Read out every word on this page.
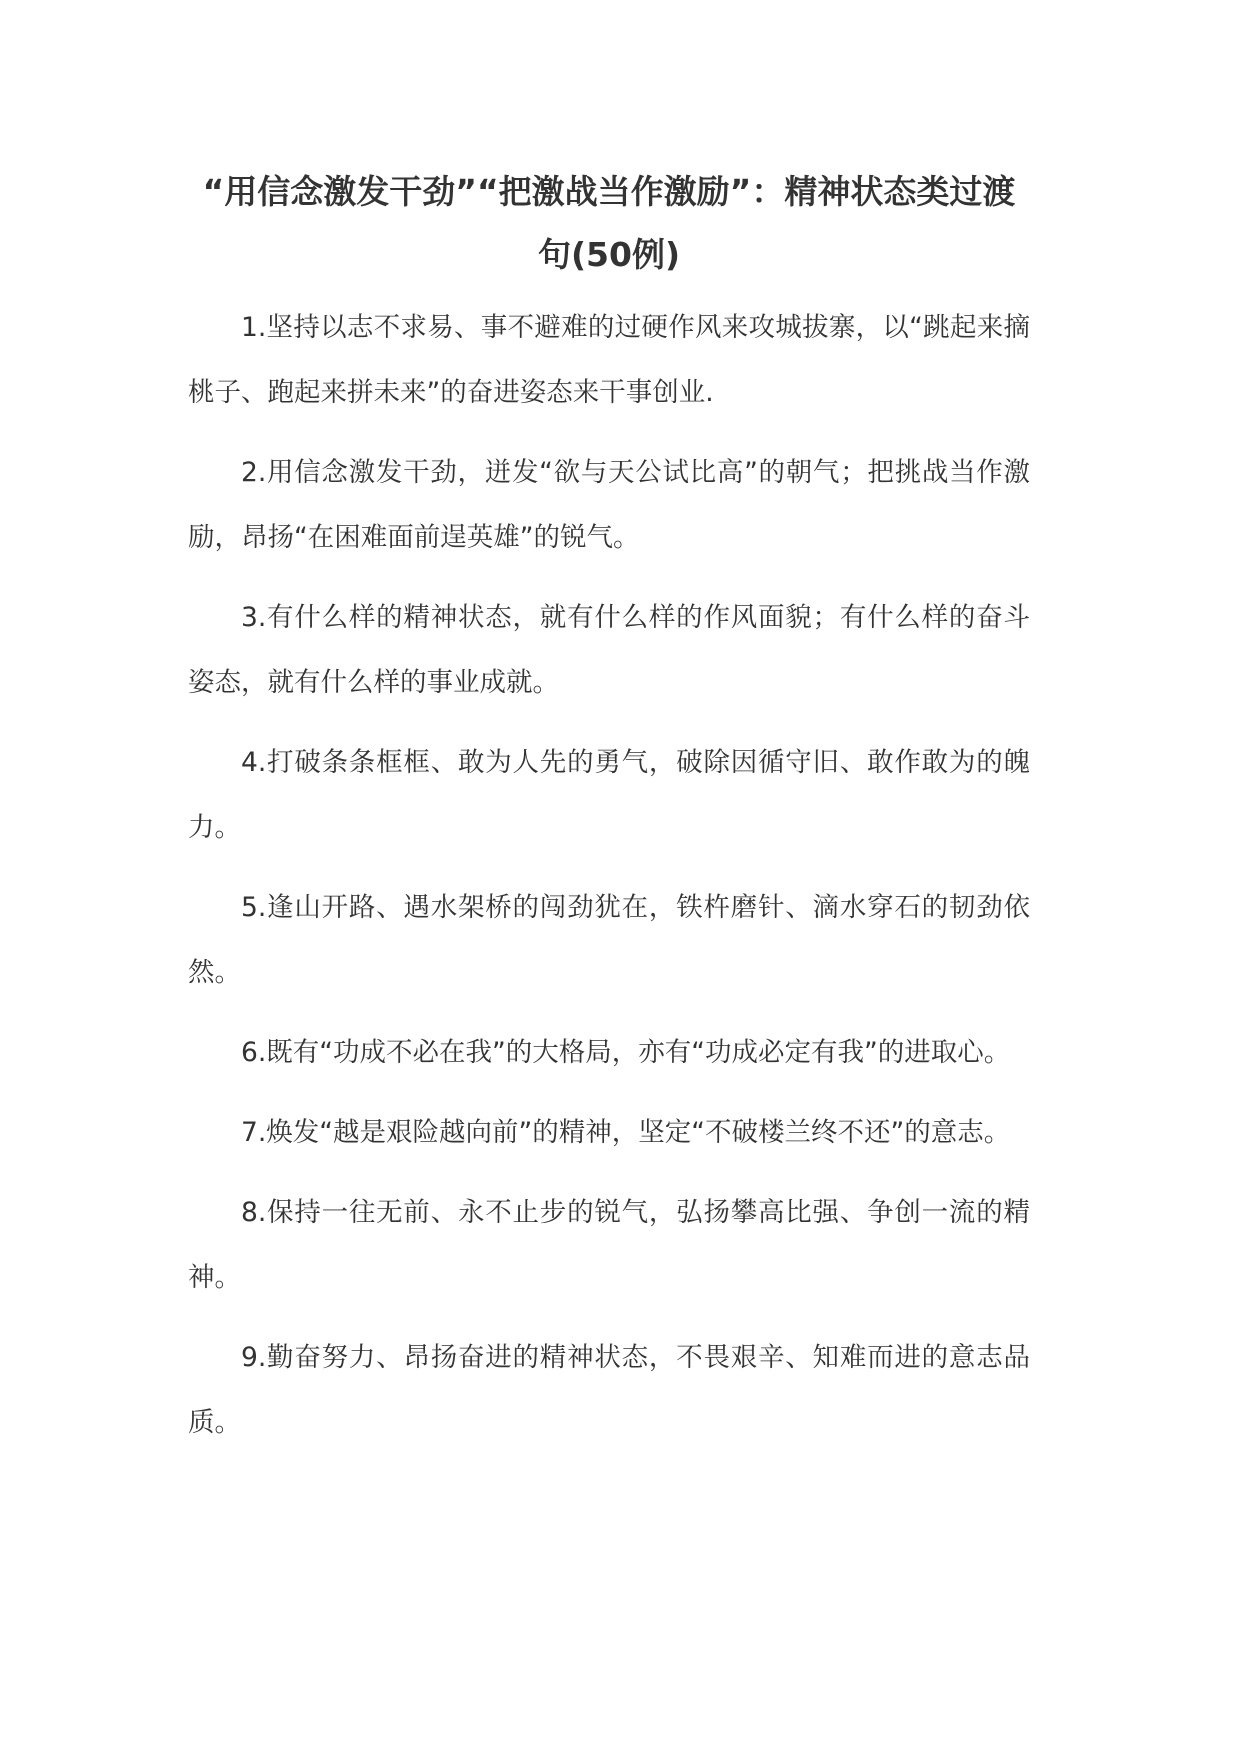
“用信念激发干劲”“把激战当作激励”：精神状态类过渡句(50例)
1.坚持以志不求易、事不避难的过硬作风来攻城拔寨，以“跳起来摘桃子、跑起来拼未来”的奋进姿态来干事创业.
2.用信念激发干劲，迸发“欲与天公试比高”的朝气；把挑战当作激励，昂扬“在困难面前逞英雄”的锐气。
3.有什么样的精神状态，就有什么样的作风面貌；有什么样的奋斗姿态，就有什么样的事业成就。
4.打破条条框框、敢为人先的勇气，破除因循守旧、敢作敢为的魄力。
5.逢山开路、遇水架桥的闯劲犹在，铁杵磨针、滴水穿石的韧劲依然。
6.既有“功成不必在我”的大格局，亦有“功成必定有我”的进取心。
7.焕发“越是艰险越向前”的精神，坚定“不破楼兰终不还”的意志。
8.保持一往无前、永不止步的锐气，弘扬攀高比强、争创一流的精神。
9.勤奋努力、昂扬奋进的精神状态，不畏艰辛、知难而进的意志品质。
